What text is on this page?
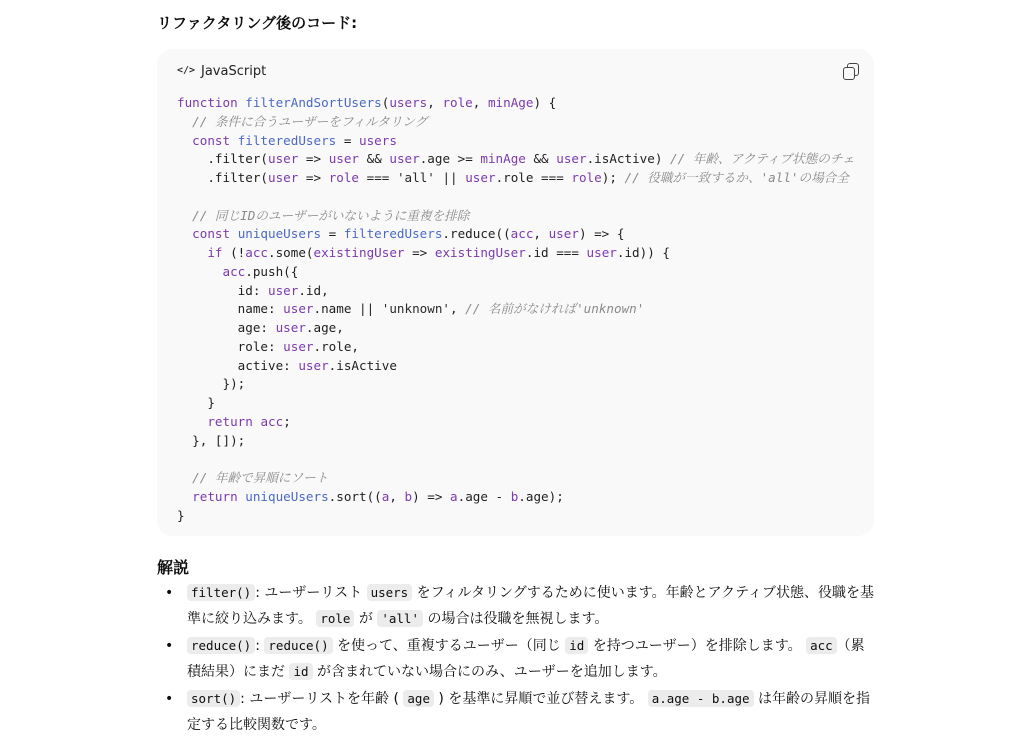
リファクタリング後のコード:
</> JavaScript
function filterAndSortUsers(users, role, minAge) {
// 条件に合うユーザーをフィルタリング
const filteredUsers = users
.filter(user => user && user.age >= minAge && user.isActive) // 年齢、アクティブ状態のチェ
.filter(user => role === 'all' || user.role === role); // 役職が一致するか、'all'の場合全

// 同じIDのユーザーがいないように重複を排除
const uniqueUsers = filteredUsers.reduce((acc, user) => {
if (!acc.some(existingUser => existingUser.id === user.id)) {
acc.push({
id: user.id,
name: user.name || 'unknown', // 名前がなければ'unknown'
age: user.age,
role: user.role,
active: user.isActive
});
}
return acc;
}, []);

// 年齢で昇順にソート
return uniqueUsers.sort((a, b) => a.age - b.age);
}
解説
• filter() : ユーザーリスト users をフィルタリングするために使います。年齢とアクティブ状態、役職を基準に絞り込みます。 role が 'all' の場合は役職を無視します。
• reduce() : reduce() を使って、重複するユーザー（同じ id を持つユーザー）を排除します。 acc （累積結果）にまだ id が含まれていない場合にのみ、ユーザーを追加します。
• sort() : ユーザーリストを年齢 ( age ) を基準に昇順で並び替えます。 a.age - b.age は年齢の昇順を指定する比較関数です。
